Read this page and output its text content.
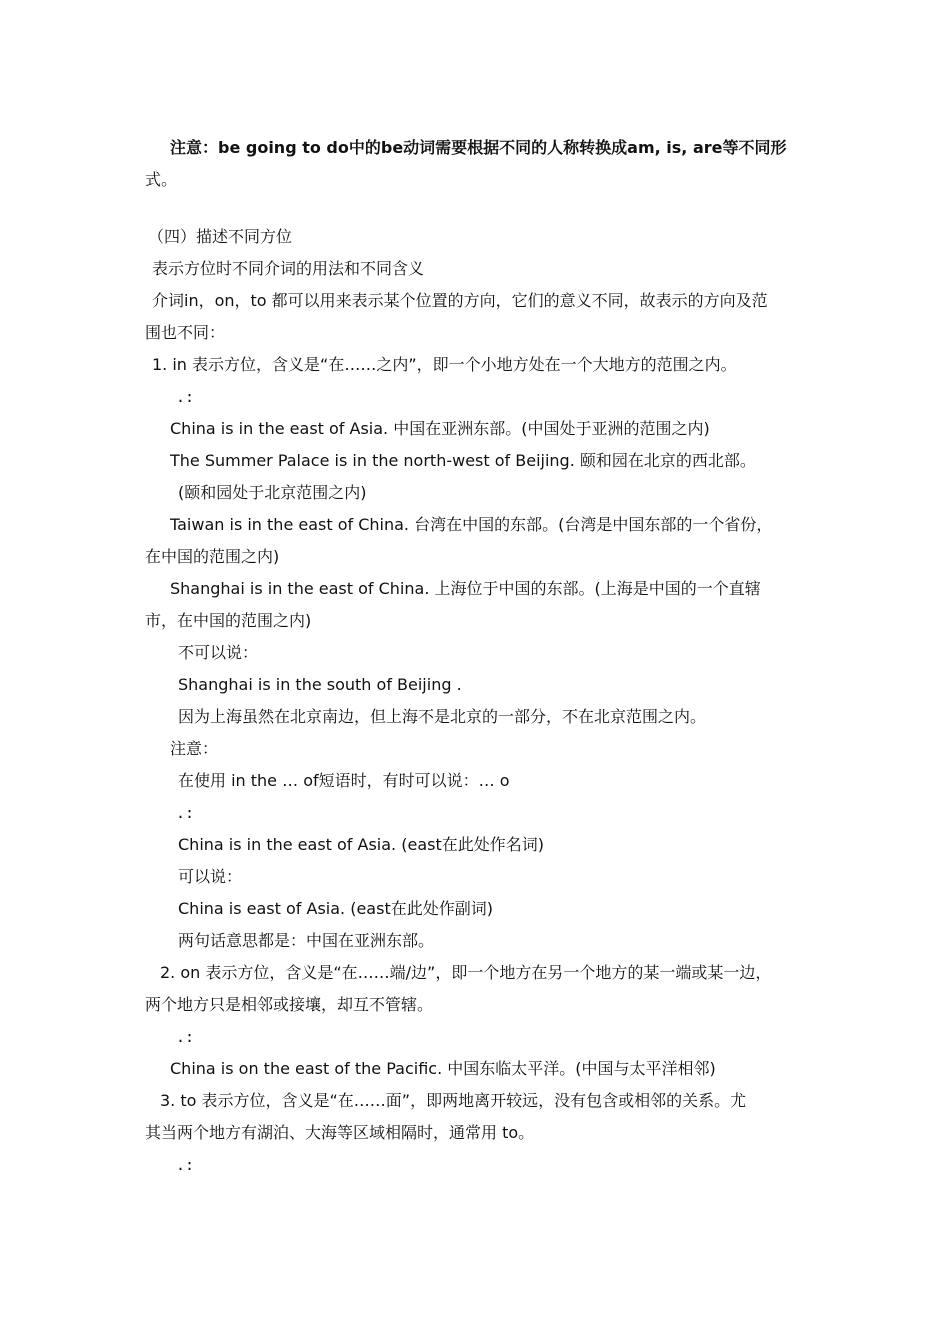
注意：be going to do中的be动词需要根据不同的人称转换成am, is, are等不同形
式。
（四）描述不同方位
表示方位时不同介词的用法和不同含义
介词in，on，to 都可以用来表示某个位置的方向，它们的意义不同，故表示的方向及范
围也不同：
1. in 表示方位，含义是“在……之内”，即一个小地方处在一个大地方的范围之内。
.:
China is in the east of Asia. 中国在亚洲东部。(中国处于亚洲的范围之内)
The Summer Palace is in the north-west of Beijing. 颐和园在北京的西北部。
(颐和园处于北京范围之内)
Taiwan is in the east of China. 台湾在中国的东部。(台湾是中国东部的一个省份，
在中国的范围之内)
Shanghai is in the east of China. 上海位于中国的东部。(上海是中国的一个直辖
市，在中国的范围之内)
不可以说：
Shanghai is in the south of Beijing .
因为上海虽然在北京南边，但上海不是北京的一部分，不在北京范围之内。
注意：
在使用 in the … of短语时，有时可以说：… o
.:
China is in the east of Asia. (east在此处作名词)
可以说：
China is east of Asia. (east在此处作副词)
两句话意思都是：中国在亚洲东部。
2. on 表示方位，含义是“在……端/边”，即一个地方在另一个地方的某一端或某一边，
两个地方只是相邻或接壤，却互不管辖。
.:
China is on the east of the Pacific. 中国东临太平洋。(中国与太平洋相邻)
3. to 表示方位，含义是“在……面”，即两地离开较远，没有包含或相邻的关系。尤
其当两个地方有湖泊、大海等区域相隔时，通常用 to。
.:
